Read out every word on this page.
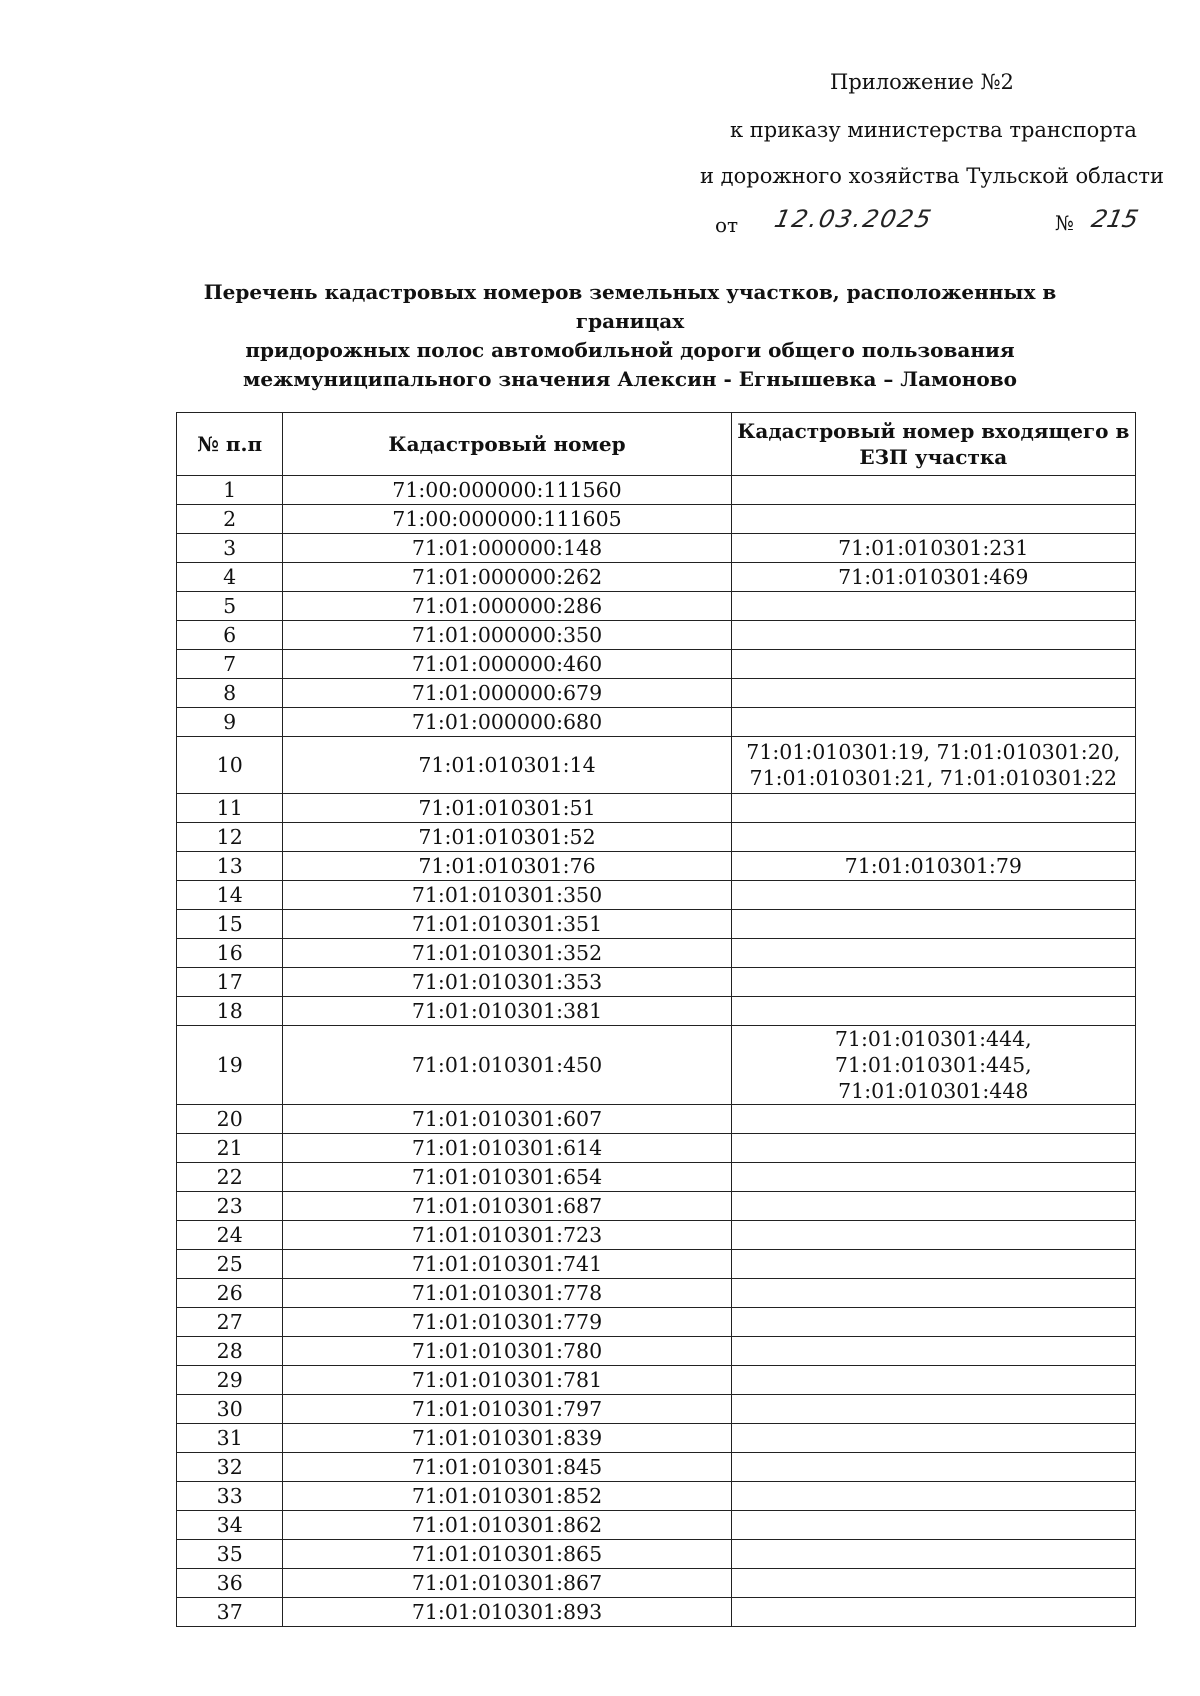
Приложение №2
к приказу министерства транспорта
и дорожного хозяйства Тульской области
от 12.03.2025	№ 215
Перечень кадастровых номеров земельных участков, расположенных в границах
придорожных полос автомобильной дороги общего пользования
межмуниципального значения Алексин - Егнышевка – Ламоново
№ п.п	Кадастровый номер	Кадастровый номер входящего в ЕЗП участка
1	71:00:000000:111560	
2	71:00:000000:111605	
3	71:01:000000:148	71:01:010301:231
4	71:01:000000:262	71:01:010301:469
5	71:01:000000:286	
6	71:01:000000:350	
7	71:01:000000:460	
8	71:01:000000:679	
9	71:01:000000:680	
10	71:01:010301:14	71:01:010301:19, 71:01:010301:20, 71:01:010301:21, 71:01:010301:22
11	71:01:010301:51	
12	71:01:010301:52	
13	71:01:010301:76	71:01:010301:79
14	71:01:010301:350	
15	71:01:010301:351	
16	71:01:010301:352	
17	71:01:010301:353	
18	71:01:010301:381	
19	71:01:010301:450	71:01:010301:444, 71:01:010301:445, 71:01:010301:448
20	71:01:010301:607	
21	71:01:010301:614	
22	71:01:010301:654	
23	71:01:010301:687	
24	71:01:010301:723	
25	71:01:010301:741	
26	71:01:010301:778	
27	71:01:010301:779	
28	71:01:010301:780	
29	71:01:010301:781	
30	71:01:010301:797	
31	71:01:010301:839	
32	71:01:010301:845	
33	71:01:010301:852	
34	71:01:010301:862	
35	71:01:010301:865	
36	71:01:010301:867	
37	71:01:010301:893	
